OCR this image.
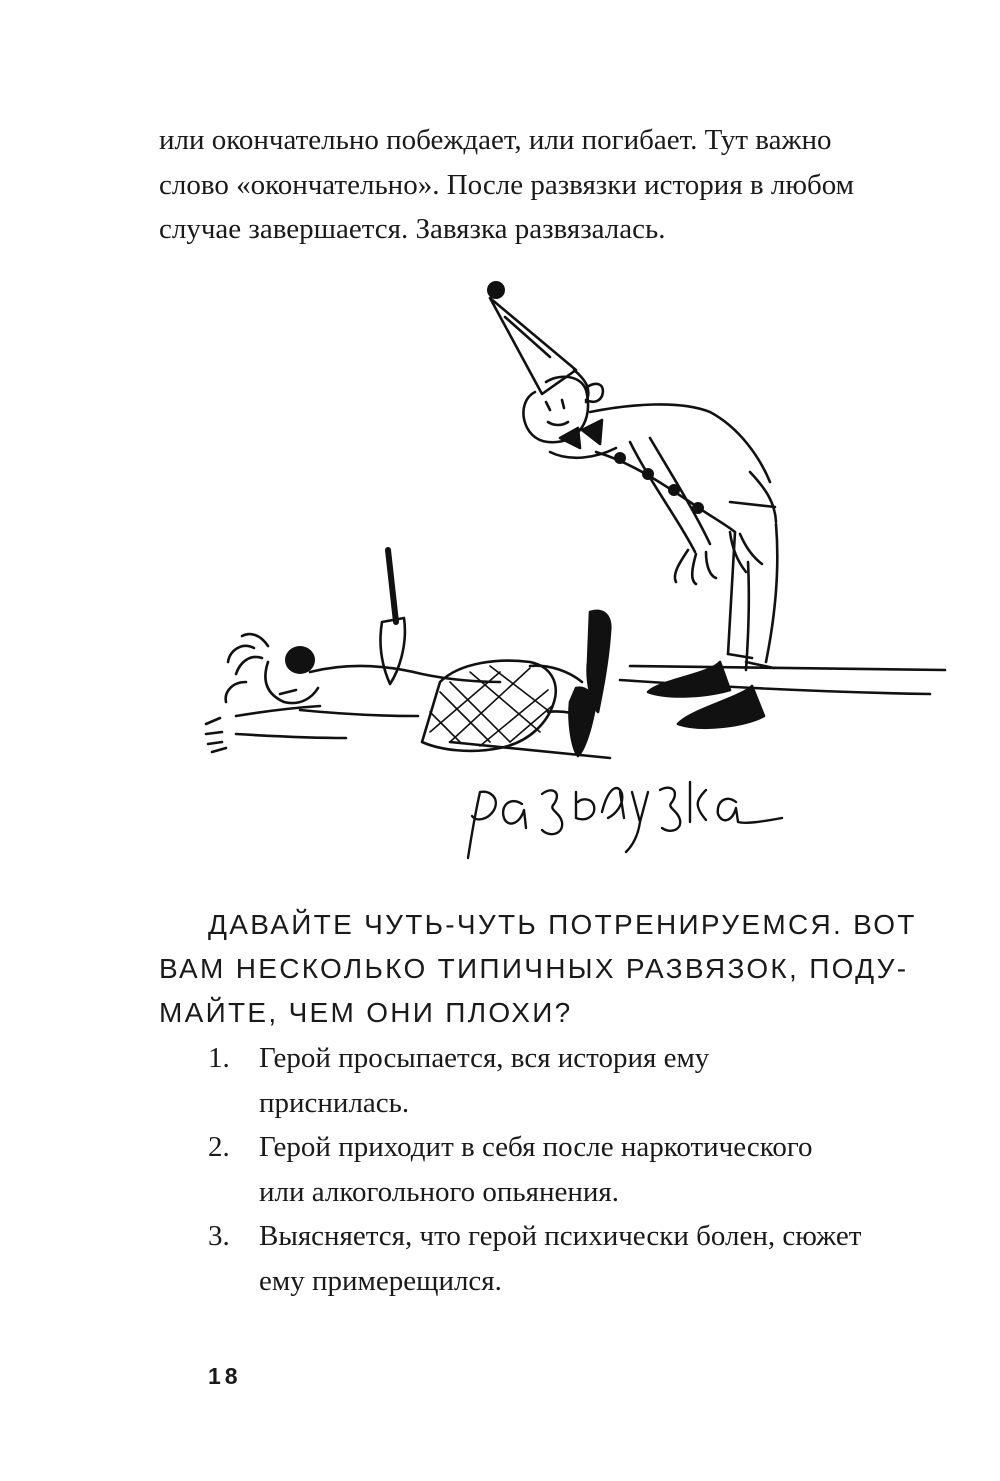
или окончательно побеждает, или погибает. Тут важно
слово «окончательно». После развязки история в любом
случае завершается. Завязка развязалась.
развязка
ДАВАЙТЕ ЧУТЬ-ЧУТЬ ПОТРЕНИРУЕМСЯ. ВОТ
ВАМ НЕСКОЛЬКО ТИПИЧНЫХ РАЗВЯЗОК, ПОДУ-
МАЙТЕ, ЧЕМ ОНИ ПЛОХИ?
1. Герой просыпается, вся история ему
приснилась.
2. Герой приходит в себя после наркотического
или алкогольного опьянения.
3. Выясняется, что герой психически болен, сюжет
ему примерещился.
18
